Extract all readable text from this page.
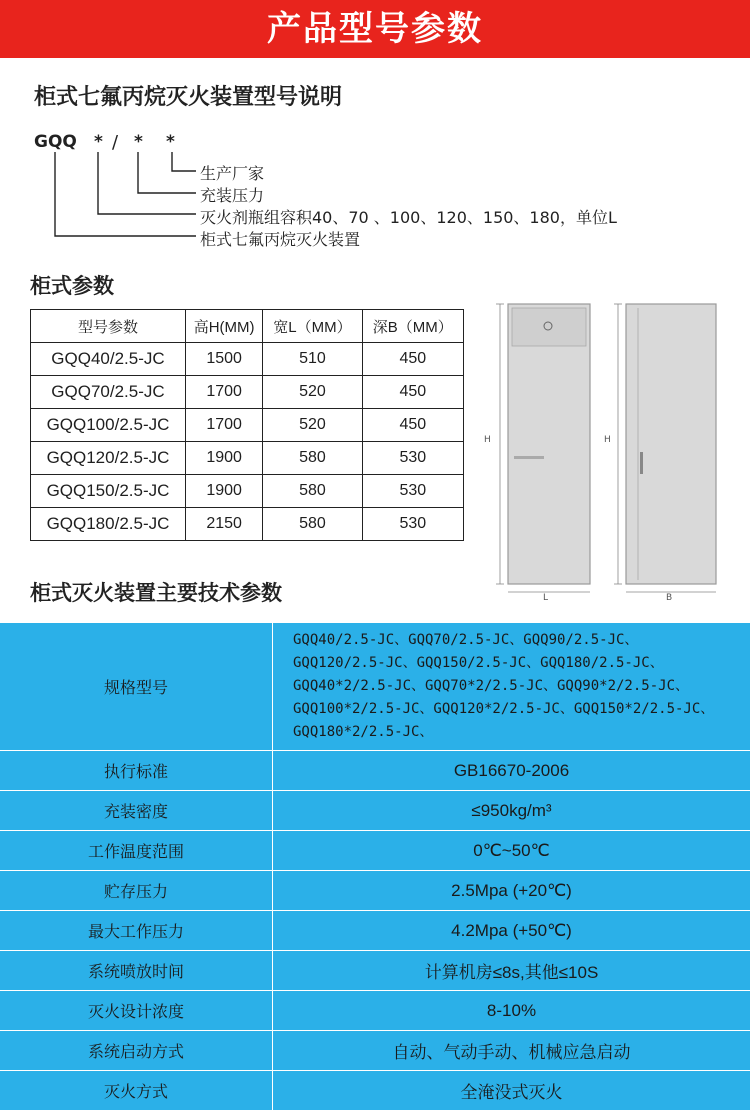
产品型号参数
柜式七氟丙烷灭火装置型号说明
GQQ * / * *
生产厂家
充装压力
灭火剂瓶组容积40、70 、100、120、150、180，单位L
柜式七氟丙烷灭火装置
柜式参数
型号参数	高H(MM)	宽L（MM）	深B（MM）
GQQ40/2.5-JC	1500	510	450
GQQ70/2.5-JC	1700	520	450
GQQ100/2.5-JC	1700	520	450
GQQ120/2.5-JC	1900	580	530
GQQ150/2.5-JC	1900	580	530
GQQ180/2.5-JC	2150	580	530
H
L
H
B
柜式灭火装置主要技术参数
规格型号	GQQ40/2.5-JC、GQQ70/2.5-JC、GQQ90/2.5-JC、
GQQ120/2.5-JC、GQQ150/2.5-JC、GQQ180/2.5-JC、
GQQ40*2/2.5-JC、GQQ70*2/2.5-JC、GQQ90*2/2.5-JC、
GQQ100*2/2.5-JC、GQQ120*2/2.5-JC、GQQ150*2/2.5-JC、
GQQ180*2/2.5-JC、

执行标准	GB16670-2006
充装密度	≤950kg/m³
工作温度范围	0℃~50℃
贮存压力	2.5Mpa (+20℃)
最大工作压力	4.2Mpa (+50℃)
系统喷放时间	计算机房≤8s,其他≤10S
灭火设计浓度	8-10%
系统启动方式	自动、气动手动、机械应急启动
灭火方式	全淹没式灭火
